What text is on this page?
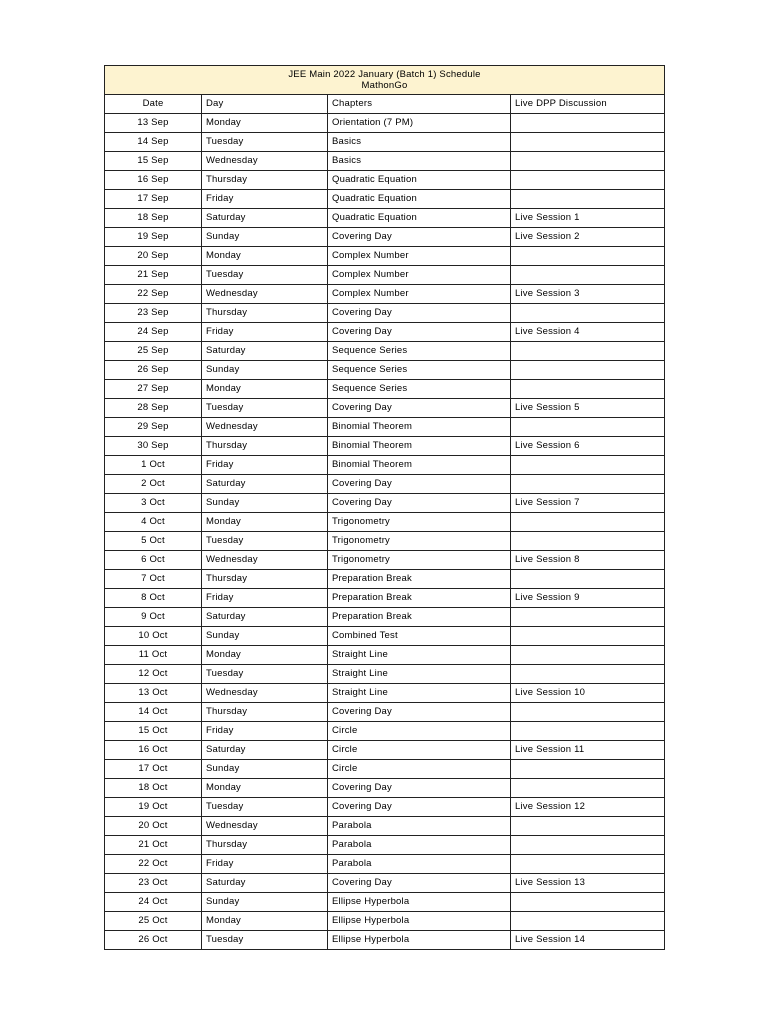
JEE Main 2022 January (Batch 1) Schedule
MathonGo			

Date	Day	Chapters	Live DPP Discussion
13 Sep	Monday	Orientation (7 PM)	
14 Sep	Tuesday	Basics	
15 Sep	Wednesday	Basics	
16 Sep	Thursday	Quadratic Equation	
17 Sep	Friday	Quadratic Equation	
18 Sep	Saturday	Quadratic Equation	Live Session 1
19 Sep	Sunday	Covering Day	Live Session 2
20 Sep	Monday	Complex Number	
21 Sep	Tuesday	Complex Number	
22 Sep	Wednesday	Complex Number	Live Session 3
23 Sep	Thursday	Covering Day	
24 Sep	Friday	Covering Day	Live Session 4
25 Sep	Saturday	Sequence Series	
26 Sep	Sunday	Sequence Series	
27 Sep	Monday	Sequence Series	
28 Sep	Tuesday	Covering Day	Live Session 5
29 Sep	Wednesday	Binomial Theorem	
30 Sep	Thursday	Binomial Theorem	Live Session 6
1 Oct	Friday	Binomial Theorem	
2 Oct	Saturday	Covering Day	
3 Oct	Sunday	Covering Day	Live Session 7
4 Oct	Monday	Trigonometry	
5 Oct	Tuesday	Trigonometry	
6 Oct	Wednesday	Trigonometry	Live Session 8
7 Oct	Thursday	Preparation Break	
8 Oct	Friday	Preparation Break	Live Session 9
9 Oct	Saturday	Preparation Break	
10 Oct	Sunday	Combined Test	
11 Oct	Monday	Straight Line	
12 Oct	Tuesday	Straight Line	
13 Oct	Wednesday	Straight Line	Live Session 10
14 Oct	Thursday	Covering Day	
15 Oct	Friday	Circle	
16 Oct	Saturday	Circle	Live Session 11
17 Oct	Sunday	Circle	
18 Oct	Monday	Covering Day	
19 Oct	Tuesday	Covering Day	Live Session 12
20 Oct	Wednesday	Parabola	
21 Oct	Thursday	Parabola	
22 Oct	Friday	Parabola	
23 Oct	Saturday	Covering Day	Live Session 13
24 Oct	Sunday	Ellipse Hyperbola	
25 Oct	Monday	Ellipse Hyperbola	
26 Oct	Tuesday	Ellipse Hyperbola	Live Session 14
